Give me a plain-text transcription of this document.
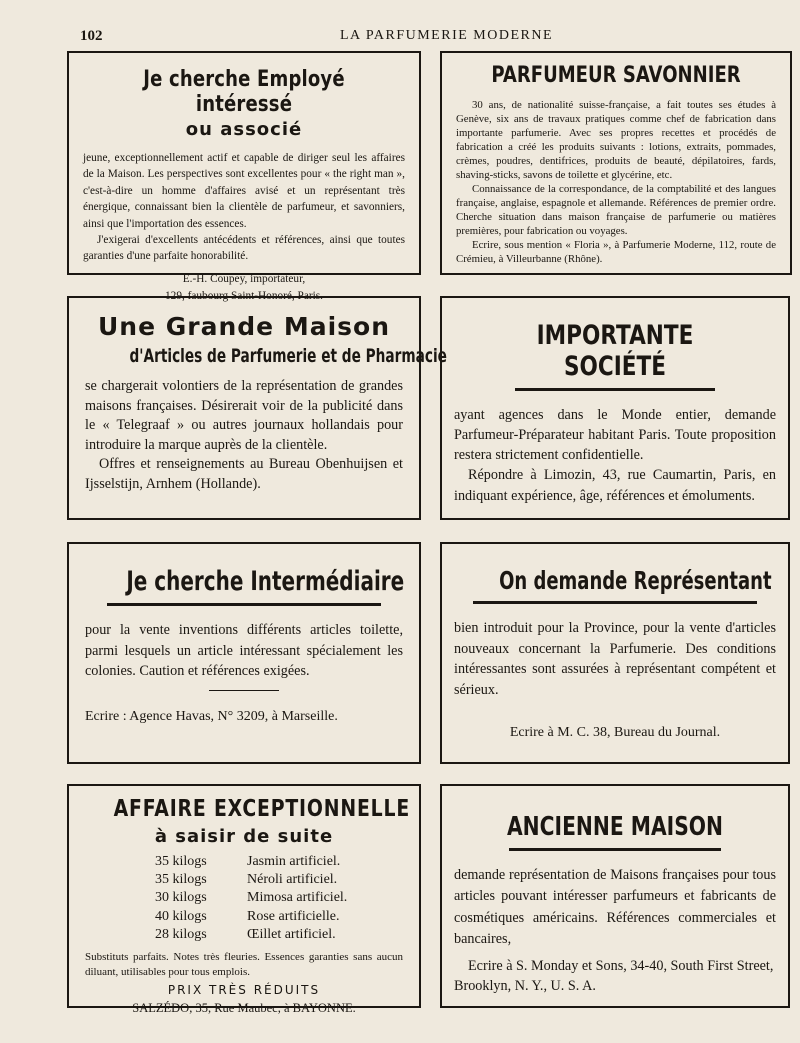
102	LA PARFUMERIE MODERNE
Je cherche Employé intéressé
ou associé

jeune, exceptionnellement actif et capable de diriger seul les affaires de la Maison. Les perspectives sont excellentes pour « the right man », c'est-à-dire un homme d'affaires avisé et un représentant très énergique, connaissant bien la clientèle de parfumeur, et savonniers, ainsi que l'importation des essences.

J'exigerai d'excellents antécédents et références, ainsi que toutes garanties d'une parfaite honorabilité.

E.-H. Coupey, importateur,
129, faubourg Saint-Honoré, Paris.
PARFUMEUR SAVONNIER

30 ans, de nationalité suisse-française, a fait toutes ses études à Genève, six ans de travaux pratiques comme chef de fabrication dans importante parfumerie. Avec ses propres recettes et procédés de fabrication a créé les produits suivants : lotions, extraits, pommades, crèmes, poudres, dentifrices, produits de beauté, dépilatoires, fards, shaving-sticks, savons de toilette et glycérine, etc.

Connaissance de la correspondance, de la comptabilité et des langues française, anglaise, espagnole et allemande. Références de premier ordre. Cherche situation dans maison française de parfumerie ou matières premières, pour fabrication ou voyages.

Ecrire, sous mention « Floria », à Parfumerie Moderne, 112, route de Crémieu, à Villeurbanne (Rhône).

Une Grande Maison
d'Articles de Parfumerie et de Pharmacie

se chargerait volontiers de la représentation de grandes maisons françaises. Désirerait voir de la publicité dans le « Telegraaf » ou autres journaux hollandais pour introduire la marque auprès de la clientèle.

Offres et renseignements au Bureau Obenhuijsen et Ijsselstijn, Arnhem (Hollande).

IMPORTANTE SOCIÉTÉ

ayant agences dans le Monde entier, demande Parfumeur-Préparateur habitant Paris. Toute proposition restera strictement confidentielle.

Répondre à Limozin, 43, rue Caumartin, Paris, en indiquant expérience, âge, références et émoluments.

Je cherche Intermédiaire

pour la vente inventions différents articles toilette, parmi lesquels un article intéressant spécialement les colonies. Caution et références exigées.

Ecrire : Agence Havas, N° 3209, à Marseille.

On demande Représentant

bien introduit pour la Province, pour la vente d'articles nouveaux concernant la Parfumerie. Des conditions intéressantes sont assurées à représentant compétent et sérieux.

Ecrire à M. C. 38, Bureau du Journal.

AFFAIRE EXCEPTIONNELLE
à saisir de suite
35 kilogs	Jasmin artificiel.
35 kilogs	Néroli artificiel.
30 kilogs	Mimosa artificiel.
40 kilogs	Rose artificielle.
28 kilogs	Œillet artificiel.

Substituts parfaits. Notes très fleuries. Essences garanties sans aucun diluant, utilisables pour tous emplois.

PRIX TRÈS RÉDUITS
SALZÉDO, 35, Rue Maubec, à BAYONNE.
ANCIENNE MAISON

demande représentation de Maisons françaises pour tous articles pouvant intéresser parfumeurs et fabricants de cosmétiques américains. Références commerciales et bancaires,

Ecrire à S. Monday et Sons, 34-40, South First Street, Brooklyn, N. Y., U. S. A.
